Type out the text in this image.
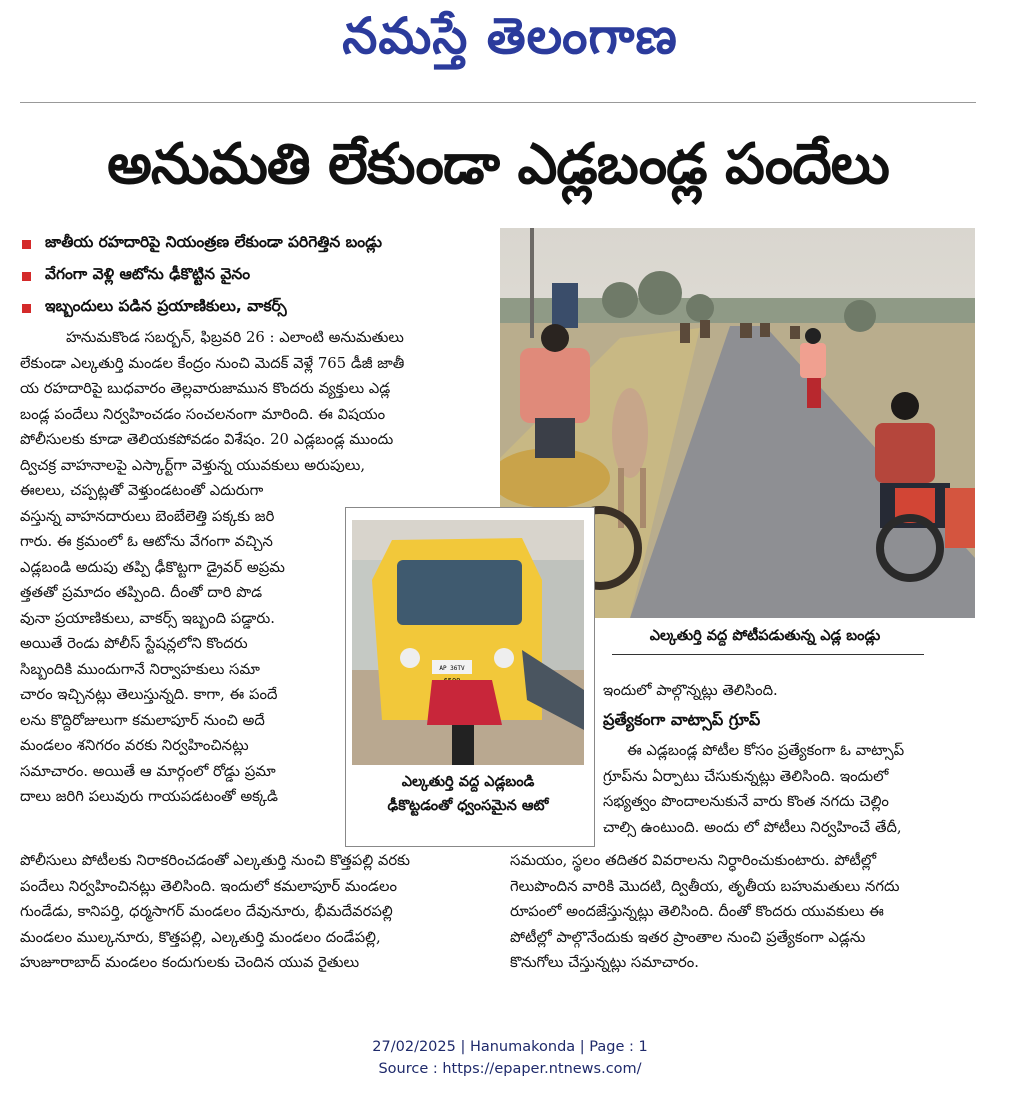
నమస్తే తెలంగాణ
అనుమతి లేకుండా ఎడ్లబండ్ల పందేలు
జాతీయ రహదారిపై నియంత్రణ లేకుండా పరిగెత్తిన బండ్లు
వేగంగా వెళ్లి ఆటోను ఢీకొట్టిన వైనం
ఇబ్బందులు పడిన ప్రయాణికులు, వాకర్స్
హనుమకొండ సబర్బన్, ఫిబ్రవరి 26 : ఎలాంటి అనుమతులు
లేకుండా ఎల్కతుర్తి మండల కేంద్రం నుంచి మెదక్ వెళ్లే 765 డీజీ జాతీ
య రహదారిపై బుధవారం తెల్లవారుజామున కొందరు వ్యక్తులు ఎడ్ల
బండ్ల పందేలు నిర్వహించడం సంచలనంగా మారింది. ఈ విషయం
పోలీసులకు కూడా తెలియకపోవడం విశేషం. 20 ఎడ్లబండ్ల ముందు
ద్విచక్ర వాహనాలపై ఎస్కార్ట్‌గా వెళ్తున్న యువకులు అరుపులు,
ఈలలు, చప్పట్లతో వెళ్తుండటంతో ఎదురుగా
వస్తున్న వాహనదారులు బెంబేలెత్తి పక్కకు జరి
గారు. ఈ క్రమంలో ఓ ఆటోను వేగంగా వచ్చిన
ఎడ్లబండి అదుపు తప్పి ఢీకొట్టగా డ్రైవర్ అప్రమ
త్తతతో ప్రమాదం తప్పింది. దీంతో దారి పొడ
వునా ప్రయాణికులు, వాకర్స్ ఇబ్బంది పడ్డారు.
అయితే రెండు పోలీస్ స్టేషన్లలోని కొందరు
సిబ్బందికి ముందుగానే నిర్వాహకులు సమా
చారం ఇచ్చినట్లు తెలుస్తున్నది. కాగా, ఈ పందే
లను కొద్దిరోజులుగా కమలాపూర్ నుంచి అదే
మండలం శనిగరం వరకు నిర్వహించినట్లు
సమాచారం. అయితే ఆ మార్గంలో రోడ్డు ప్రమా
దాలు జరిగి పలువురు గాయపడటంతో అక్కడి
పోలీసులు పోటీలకు నిరాకరించడంతో ఎల్కతుర్తి నుంచి కొత్తపల్లి వరకు
పందేలు నిర్వహించినట్లు తెలిసింది. ఇందులో కమలాపూర్ మండలం
గుండేడు, కానిపర్తి, ధర్మసాగర్ మండలం దేవునూరు, భీమదేవరపల్లి
మండలం ముల్కనూరు, కొత్తపల్లి, ఎల్కతుర్తి మండలం దండేపల్లి,
హుజూరాబాద్ మండలం కందుగులకు చెందిన యువ రైతులు
ఎల్కతుర్తి వద్ద పోటీపడుతున్న ఎడ్ల బండ్లు
AP 36TV
ఎల్కతుర్తి వద్ద ఎడ్లబండి
ఢీకొట్టడంతో ధ్వంసమైన ఆటో
ఇందులో పాల్గొన్నట్లు తెలిసింది.
ప్రత్యేకంగా వాట్సాప్ గ్రూప్
ఈ ఎడ్లబండ్ల పోటీల కోసం ప్రత్యేకంగా ఓ వాట్సాప్
గ్రూప్‌ను ఏర్పాటు చేసుకున్నట్లు తెలిసింది. ఇందులో
సభ్యత్వం పొందాలనుకునే వారు కొంత నగదు చెల్లిం
చాల్సి ఉంటుంది. అందు లో పోటీలు నిర్వహించే తేదీ,
సమయం, స్థలం తదితర వివరాలను నిర్ధారించుకుంటారు. పోటీల్లో
గెలుపొందిన వారికి మొదటి, ద్వితీయ, తృతీయ బహుమతులు నగదు
రూపంలో అందజేస్తున్నట్లు తెలిసింది. దీంతో కొందరు యువకులు ఈ
పోటీల్లో పాల్గొనేందుకు ఇతర ప్రాంతాల నుంచి ప్రత్యేకంగా ఎడ్లను
కొనుగోలు చేస్తున్నట్లు సమాచారం.
27/02/2025 | Hanumakonda | Page : 1
Source : https://epaper.ntnews.com/
